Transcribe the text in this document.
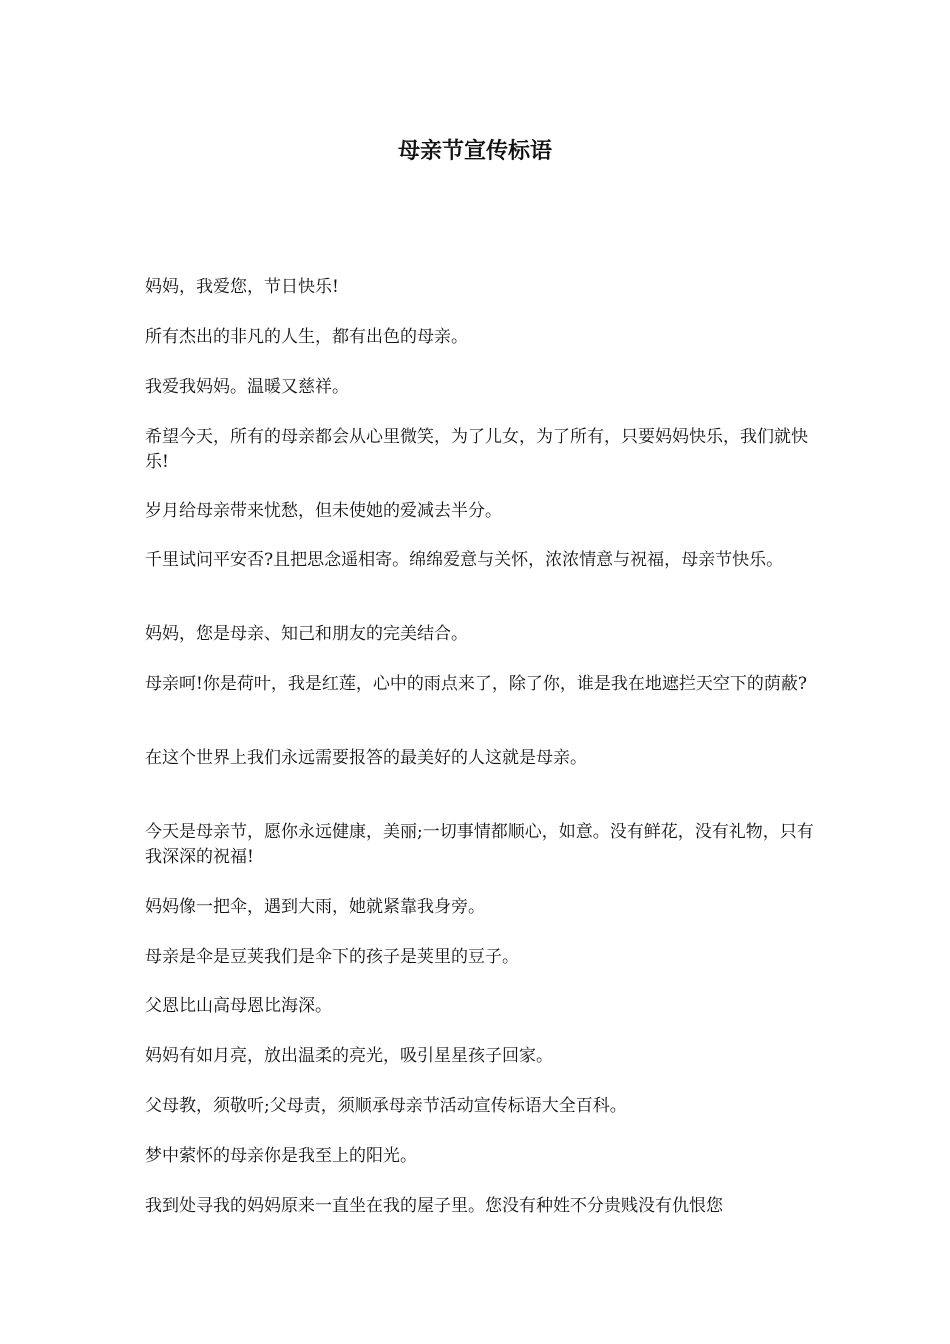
母亲节宣传标语

妈妈，我爱您，节日快乐!

所有杰出的非凡的人生，都有出色的母亲。

我爱我妈妈。温暖又慈祥。

希望今天，所有的母亲都会从心里微笑，为了儿女，为了所有，只要妈妈快乐，我们就快乐!

岁月给母亲带来忧愁，但未使她的爱减去半分。

千里试问平安否?且把思念遥相寄。绵绵爱意与关怀，浓浓情意与祝福，母亲节快乐。

妈妈，您是母亲、知己和朋友的完美结合。

母亲呵!你是荷叶，我是红莲，心中的雨点来了，除了你，谁是我在地遮拦天空下的荫蔽?

在这个世界上我们永远需要报答的最美好的人这就是母亲。

今天是母亲节，愿你永远健康，美丽;一切事情都顺心，如意。没有鲜花，没有礼物，只有我深深的祝福!

妈妈像一把伞，遇到大雨，她就紧靠我身旁。

母亲是伞是豆荚我们是伞下的孩子是荚里的豆子。

父恩比山高母恩比海深。

妈妈有如月亮，放出温柔的亮光，吸引星星孩子回家。

父母教，须敬听;父母责，须顺承母亲节活动宣传标语大全百科。

梦中萦怀的母亲你是我至上的阳光。

我到处寻我的妈妈原来一直坐在我的屋子里。您没有种姓不分贵贱没有仇恨您
